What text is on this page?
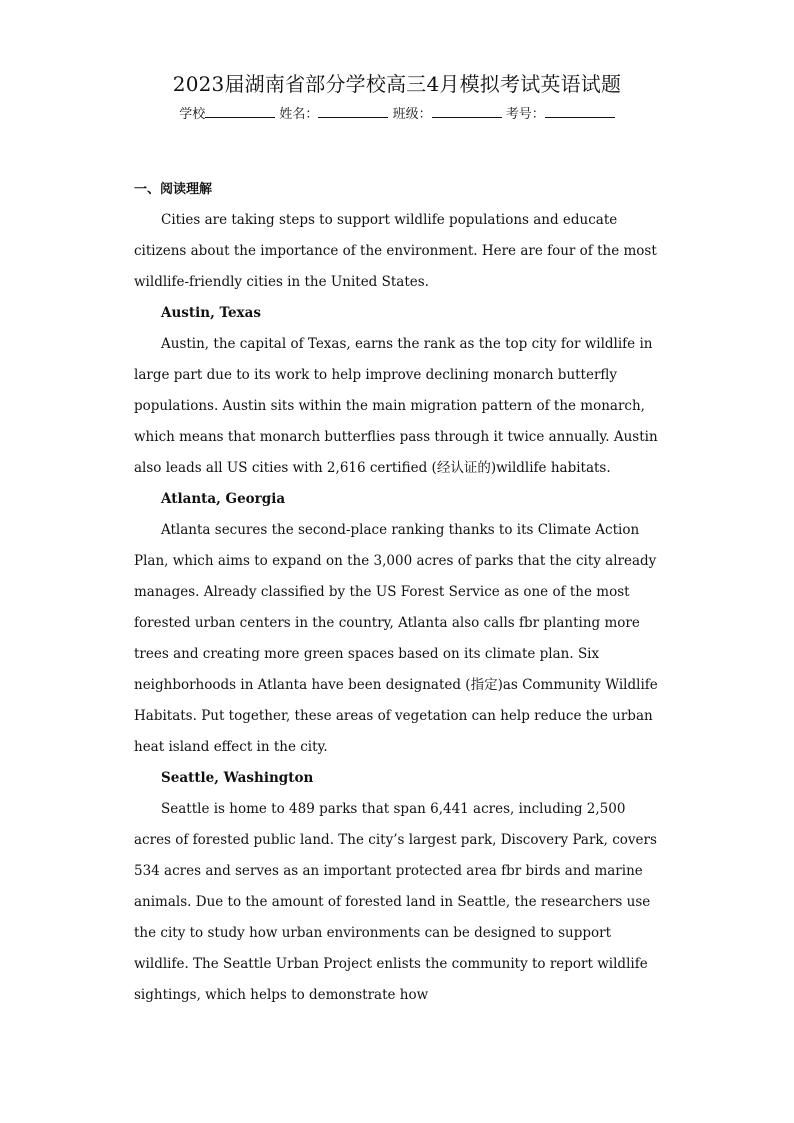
2023届湖南省部分学校高三4月模拟考试英语试题
学校	姓名：	班级：	考号：
一、阅读理解

Cities are taking steps to support wildlife populations and educate citizens about the importance of the environment. Here are four of the most wildlife-friendly cities in the United States.

Austin, Texas

Austin, the capital of Texas, earns the rank as the top city for wildlife in large part due to its work to help improve declining monarch butterfly populations. Austin sits within the main migration pattern of the monarch, which means that monarch butterflies pass through it twice annually. Austin also leads all US cities with 2,616 certified (经认证的)wildlife habitats.

Atlanta, Georgia

Atlanta secures the second-place ranking thanks to its Climate Action Plan, which aims to expand on the 3,000 acres of parks that the city already manages. Already classified by the US Forest Service as one of the most forested urban centers in the country, Atlanta also calls fbr planting more trees and creating more green spaces based on its climate plan. Six neighborhoods in Atlanta have been designated (指定)as Community Wildlife Habitats. Put together, these areas of vegetation can help reduce the urban heat island effect in the city.

Seattle, Washington

Seattle is home to 489 parks that span 6,441 acres, including 2,500 acres of forested public land. The city’s largest park, Discovery Park, covers 534 acres and serves as an important protected area fbr birds and marine animals. Due to the amount of forested land in Seattle, the researchers use the city to study how urban environments can be designed to support wildlife. The Seattle Urban Project enlists the community to report wildlife sightings, which helps to demonstrate how
